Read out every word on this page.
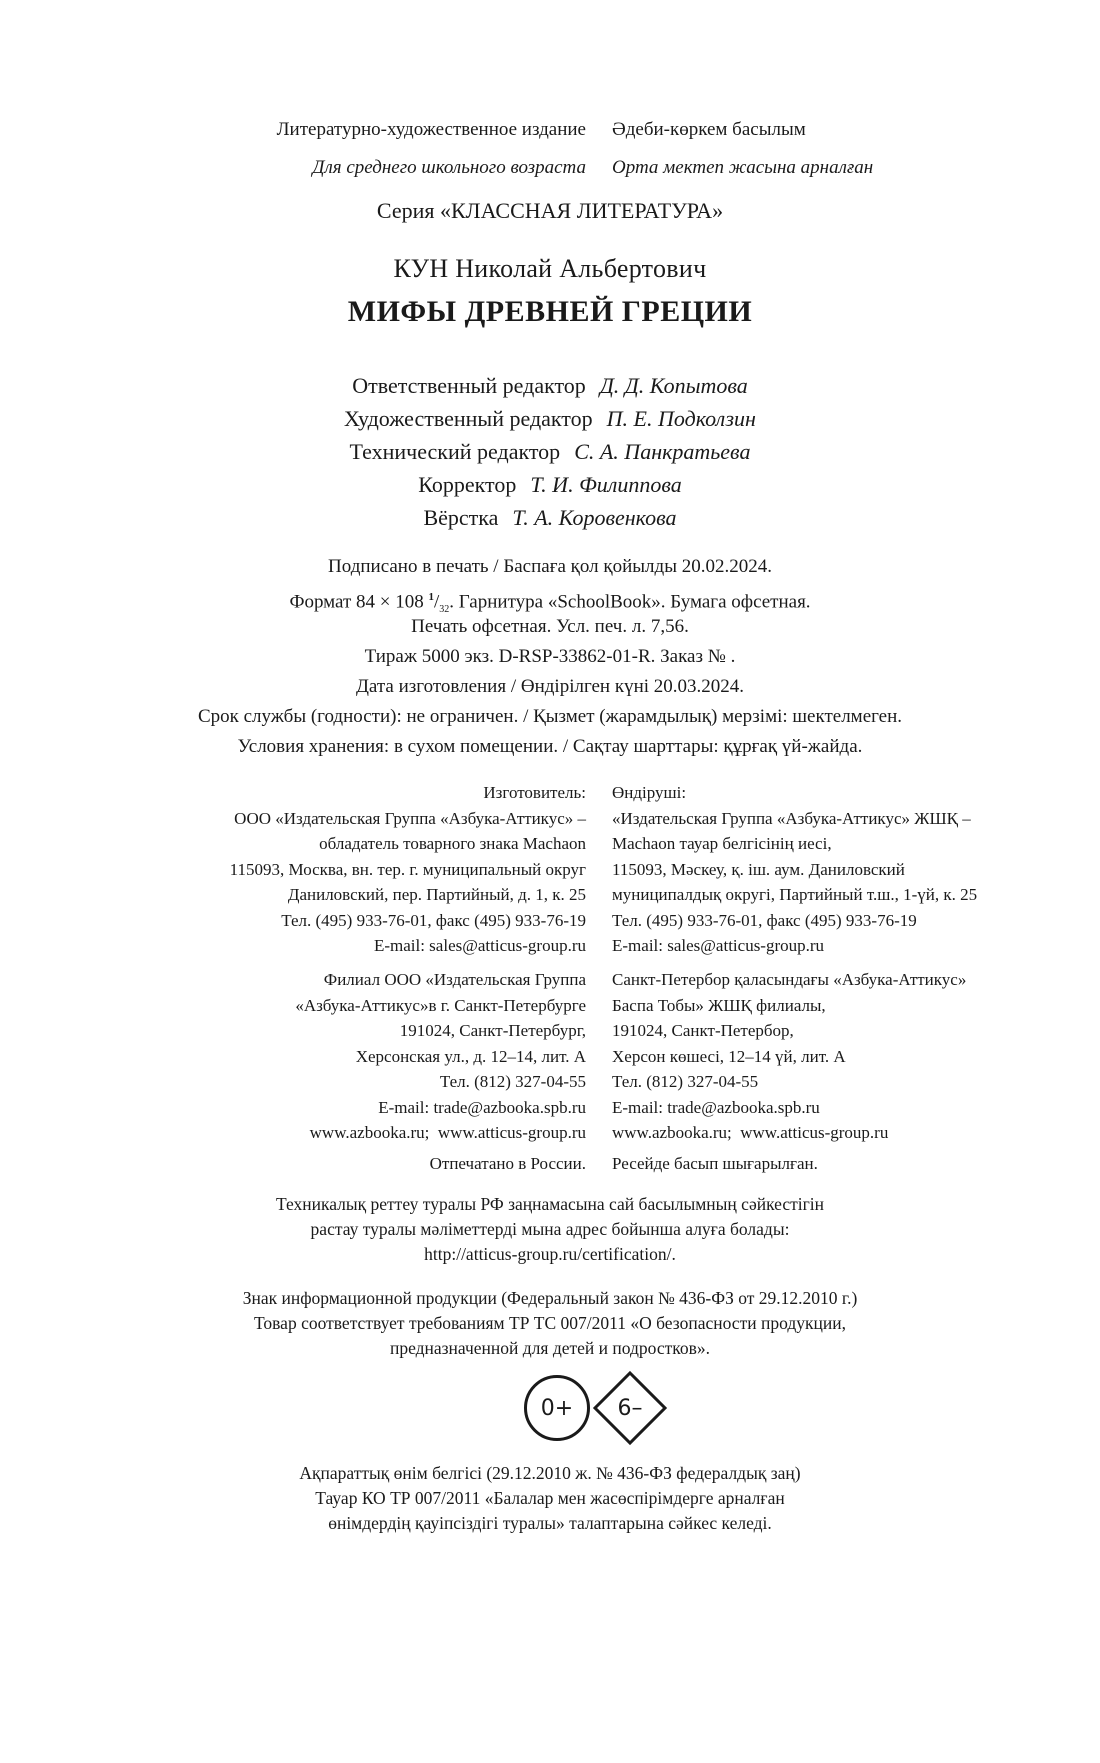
Литературно-художественное издание Әдеби-көркем басылым
Для среднего школьного возраста Орта мектеп жасына арналған
Серия «КЛАССНАЯ ЛИТЕРАТУРА»
КУН Николай Альбертович
МИФЫ ДРЕВНЕЙ ГРЕЦИИ
Ответственный редактор Д. Д. Копытова
Художественный редактор П. Е. Подколзин
Технический редактор С. А. Панкратьева
Корректор Т. И. Филиппова
Вёрстка Т. А. Коровенкова
Подписано в печать / Баспаға қол қойылды 20.02.2024.
Формат 84 × 108 $^1/_{32}$. Гарнитура «SchoolBook». Бумага офсетная.
Печать офсетная. Усл. печ. л. 7,56.
Тираж 5000 экз. D-RSP-33862-01-R. Заказ № .
Дата изготовления / Өндірілген күні 20.03.2024.
Срок службы (годности): не ограничен. / Қызмет (жарамдылық) мерзімі: шектелмеген.
Условия хранения: в сухом помещении. / Сақтау шарттары: құрғақ үй-жайда.
Изготовитель:
ООО «Издательская Группа «Азбука-Аттикус» –
обладатель товарного знака Machaon
115093, Москва, вн. тер. г. муниципальный округ
Даниловский, пер. Партийный, д. 1, к. 25
Тел. (495) 933-76-01, факс (495) 933-76-19
E-mail: sales@atticus-group.ru
Өндіруші:
«Издательская Группа «Азбука-Аттикус» ЖШҚ –
Machaon тауар белгісінің иесі,
115093, Мәскеу, қ. іш. аум. Даниловский
муниципалдық округі, Партийный т.ш., 1-үй, к. 25
Тел. (495) 933-76-01, факс (495) 933-76-19
E-mail: sales@atticus-group.ru
Филиал ООО «Издательская Группа
«Азбука-Аттикус»в г. Санкт-Петербурге
191024, Санкт-Петербург,
Херсонская ул., д. 12–14, лит. А
Тел. (812) 327-04-55
E-mail: trade@azbooka.spb.ru
www.azbooka.ru;  www.atticus-group.ru
Санкт-Петербор қаласындағы «Азбука-Аттикус»
Баспа Тобы» ЖШҚ филиалы,
191024, Санкт-Петербор,
Херсон көшесі, 12–14 үй, лит. А
Тел. (812) 327-04-55
E-mail: trade@azbooka.spb.ru
www.azbooka.ru;  www.atticus-group.ru
Отпечатано в России. Ресейде басып шығарылған.
Техникалық реттеу туралы РФ заңнамасына сай басылымның сәйкестігін
растау туралы мәліметтерді мына адрес бойынша алуға болады:
http://atticus-group.ru/certification/.
Знак информационной продукции (Федеральный закон № 436-ФЗ от 29.12.2010 г.)
Товар соответствует требованиям ТР ТС 007/2011 «О безопасности продукции,
предназначенной для детей и подростков».
0+	6–
Ақпараттық өнім белгісі (29.12.2010 ж. № 436-ФЗ федералдық заң)
Тауар КО ТР 007/2011 «Балалар мен жасөспірімдерге арналған
өнімдердің қауіпсіздігі туралы» талаптарына сәйкес келеді.
